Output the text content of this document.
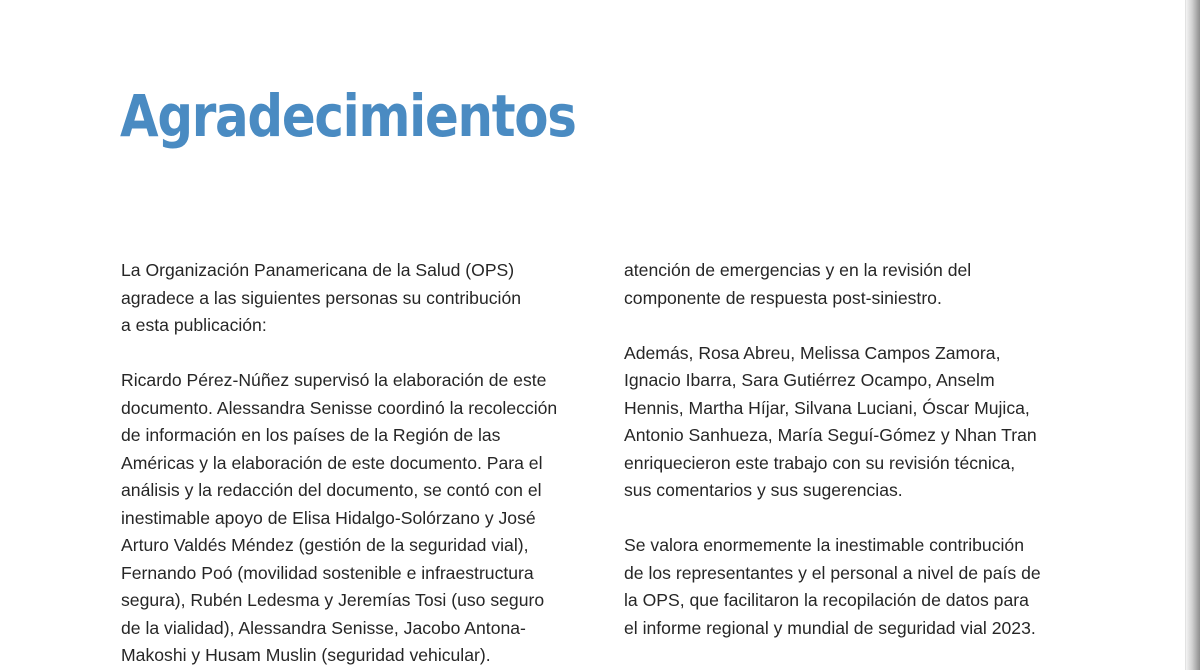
Agradecimientos

La Organización Panamericana de la Salud (OPS)
agradece a las siguientes personas su contribución
a esta publicación:

Ricardo Pérez-Núñez supervisó la elaboración de este
documento. Alessandra Senisse coordinó la recolección
de información en los países de la Región de las
Américas y la elaboración de este documento. Para el
análisis y la redacción del documento, se contó con el
inestimable apoyo de Elisa Hidalgo-Solórzano y José
Arturo Valdés Méndez (gestión de la seguridad vial),
Fernando Poó (movilidad sostenible e infraestructura
segura), Rubén Ledesma y Jeremías Tosi (uso seguro
de la vialidad), Alessandra Senisse, Jacobo Antona-
Makoshi y Husam Muslin (seguridad vehicular).

atención de emergencias y en la revisión del
componente de respuesta post-siniestro.

Además, Rosa Abreu, Melissa Campos Zamora,
Ignacio Ibarra, Sara Gutiérrez Ocampo, Anselm
Hennis, Martha Híjar, Silvana Luciani, Óscar Mujica,
Antonio Sanhueza, María Seguí-Gómez y Nhan Tran
enriquecieron este trabajo con su revisión técnica,
sus comentarios y sus sugerencias.

Se valora enormemente la inestimable contribución
de los representantes y el personal a nivel de país de
la OPS, que facilitaron la recopilación de datos para
el informe regional y mundial de seguridad vial 2023.
